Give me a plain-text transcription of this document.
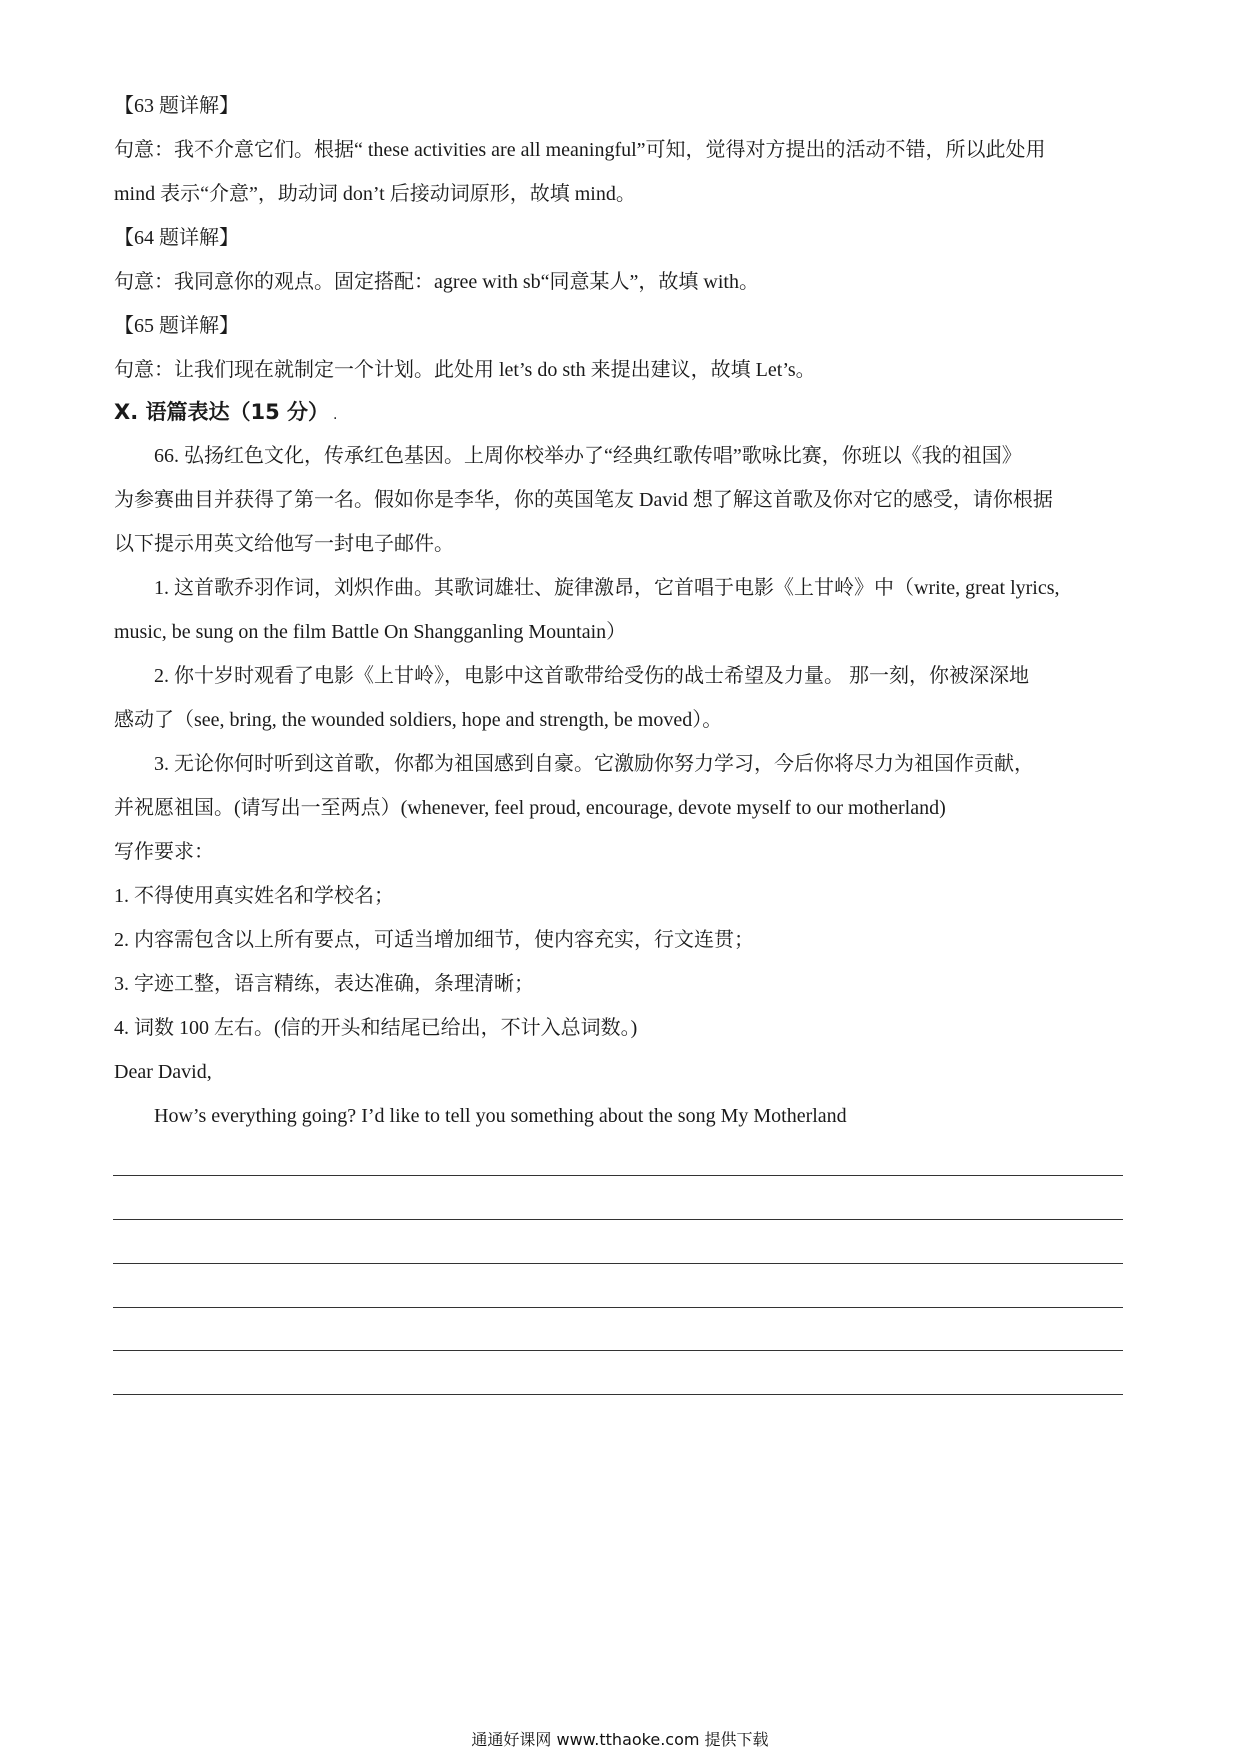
【63 题详解】
句意：我不介意它们。根据“ these activities are all meaningful”可知，觉得对方提出的活动不错，所以此处用
mind 表示“介意”，助动词 don’t 后接动词原形，故填 mind。
【64 题详解】
句意：我同意你的观点。固定搭配：agree with sb“同意某人”，故填 with。
【65 题详解】
句意：让我们现在就制定一个计划。此处用 let’s do sth 来提出建议，故填 Let’s。
X. 语篇表达（15 分） .
66. 弘扬红色文化，传承红色基因。上周你校举办了“经典红歌传唱”歌咏比赛，你班以《我的祖国》
为参赛曲目并获得了第一名。假如你是李华，你的英国笔友 David 想了解这首歌及你对它的感受，请你根据
以下提示用英文给他写一封电子邮件。
1. 这首歌乔羽作词，刘炽作曲。其歌词雄壮、旋律激昂，它首唱于电影《上甘岭》中（write, great lyrics,
music, be sung on the film Battle On Shangganling Mountain）
2. 你十岁时观看了电影《上甘岭》，电影中这首歌带给受伤的战士希望及力量。 那一刻，你被深深地
感动了（see, bring, the wounded soldiers, hope and strength, be moved）。
3. 无论你何时听到这首歌，你都为祖国感到自豪。它激励你努力学习，今后你将尽力为祖国作贡献，
并祝愿祖国。(请写出一至两点）(whenever, feel proud, encourage, devote myself to our motherland)
写作要求：
1. 不得使用真实姓名和学校名；
2. 内容需包含以上所有要点，可适当增加细节，使内容充实，行文连贯；
3. 字迹工整，语言精练，表达准确，条理清晰；
4. 词数 100 左右。(信的开头和结尾已给出，不计入总词数。)
Dear David,
How’s everything going? I’d like to tell you something about the song My Motherland
通通好课网 www.tthaoke.com 提供下载
